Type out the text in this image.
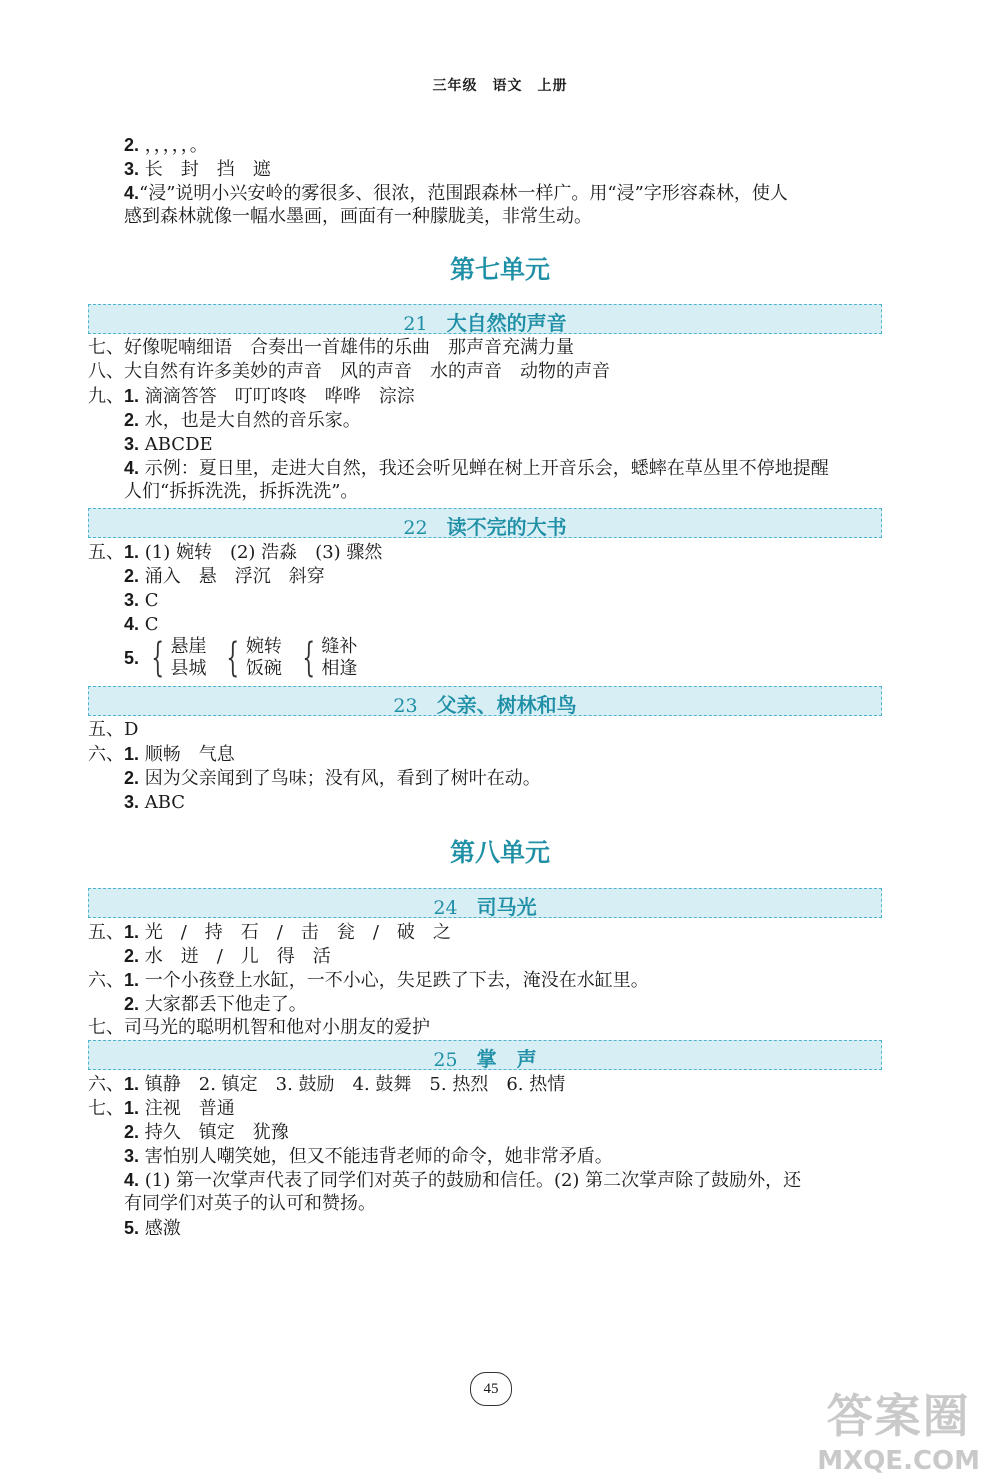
三年级　语文　上册
2. ，，，，，。
3. 长　封　挡　遮
4.“浸”说明小兴安岭的雾很多、很浓，范围跟森林一样广。用“浸”字形容森林，使人
感到森林就像一幅水墨画，画面有一种朦胧美，非常生动。
第七单元
21　大自然的声音
七、好像呢喃细语　合奏出一首雄伟的乐曲　那声音充满力量
八、大自然有许多美妙的声音　风的声音　水的声音　动物的声音
九、1. 滴滴答答　叮叮咚咚　哗哗　淙淙
2. 水，也是大自然的音乐家。
3. ABCDE
4. 示例：夏日里，走进大自然，我还会听见蝉在树上开音乐会，蟋蟀在草丛里不停地提醒
人们“拆拆洗洗，拆拆洗洗”。
22　读不完的大书
五、1. (1) 婉转　(2) 浩淼　(3) 骤然
2. 涌入　悬　浮沉　斜穿
3. C
4. C
5. { 悬崖
县城 { 婉转
饭碗 { 缝补
相逢
23　父亲、树林和鸟
五、D
六、1. 顺畅　气息
2. 因为父亲闻到了鸟味；没有风，看到了树叶在动。
3. ABC
第八单元
24　司马光
五、1. 光　/　持　石　/　击　瓮　/　破　之
2. 水　迸　/　儿　得　活
六、1. 一个小孩登上水缸，一不小心，失足跌了下去，淹没在水缸里。
2. 大家都丢下他走了。
七、司马光的聪明机智和他对小朋友的爱护
25　掌　声
六、1. 镇静　2. 镇定　3. 鼓励　4. 鼓舞　5. 热烈　6. 热情
七、1. 注视　普通
2. 持久　镇定　犹豫
3. 害怕别人嘲笑她，但又不能违背老师的命令，她非常矛盾。
4. (1) 第一次掌声代表了同学们对英子的鼓励和信任。(2) 第二次掌声除了鼓励外，还
有同学们对英子的认可和赞扬。
5. 感激
45	答案圈
MXQE.COM
